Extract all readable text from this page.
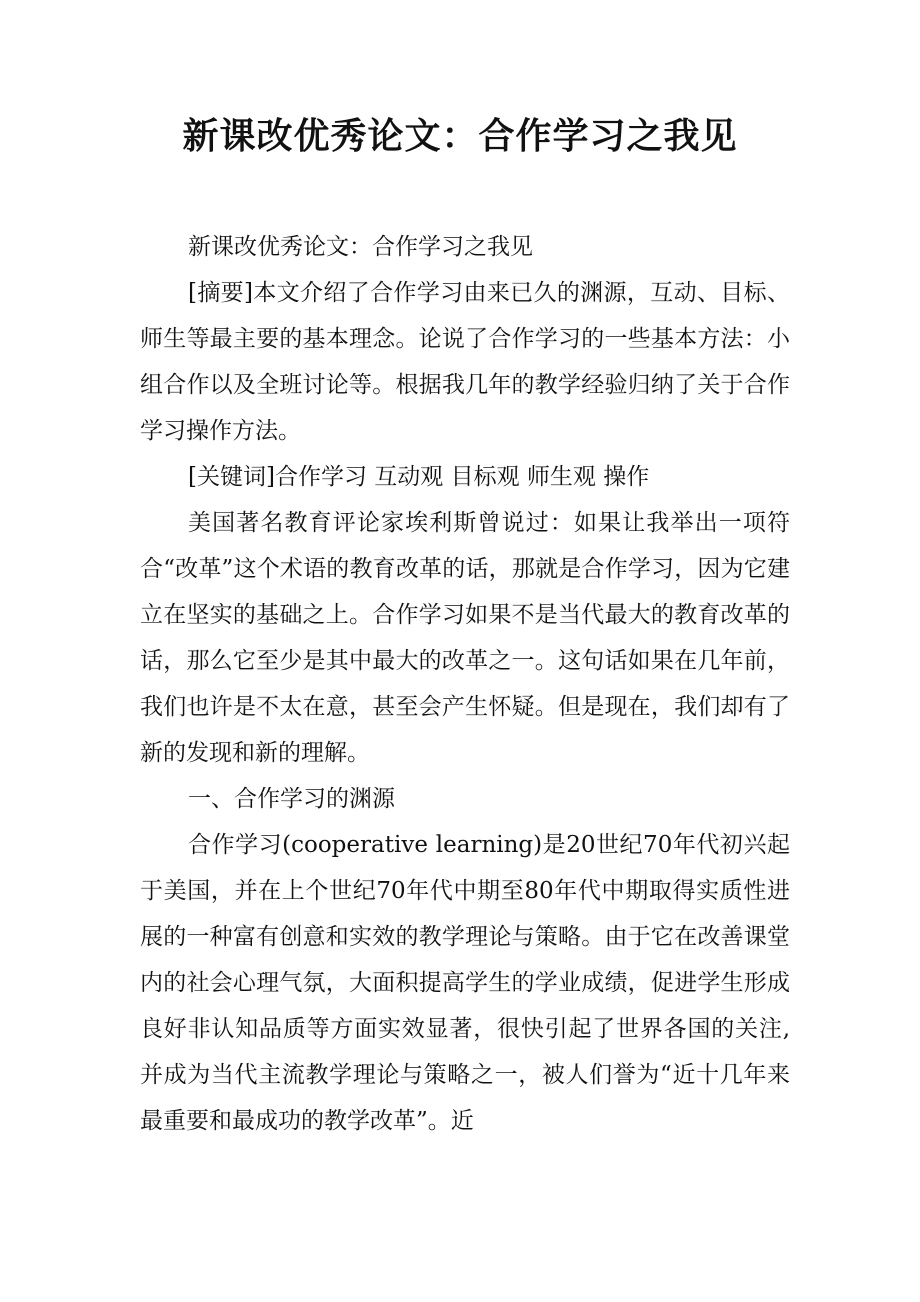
新课改优秀论文：合作学习之我见

新课改优秀论文：合作学习之我见

[摘要]本文介绍了合作学习由来已久的渊源，互动、目标、师生等最主要的基本理念。论说了合作学习的一些基本方法：小组合作以及全班讨论等。根据我几年的教学经验归纳了关于合作学习操作方法。

[关键词]合作学习 互动观 目标观 师生观 操作

美国著名教育评论家埃利斯曾说过：如果让我举出一项符合“改革”这个术语的教育改革的话，那就是合作学习，因为它建立在坚实的基础之上。合作学习如果不是当代最大的教育改革的话，那么它至少是其中最大的改革之一。这句话如果在几年前，我们也许是不太在意，甚至会产生怀疑。但是现在，我们却有了新的发现和新的理解。

一、合作学习的渊源

合作学习(cooperative learning)是20世纪70年代初兴起于美国，并在上个世纪70年代中期至80年代中期取得实质性进展的一种富有创意和实效的教学理论与策略。由于它在改善课堂内的社会心理气氛，大面积提高学生的学业成绩，促进学生形成良好非认知品质等方面实效显著，很快引起了世界各国的关注,并成为当代主流教学理论与策略之一，被人们誉为“近十几年来最重要和最成功的教学改革”。近
